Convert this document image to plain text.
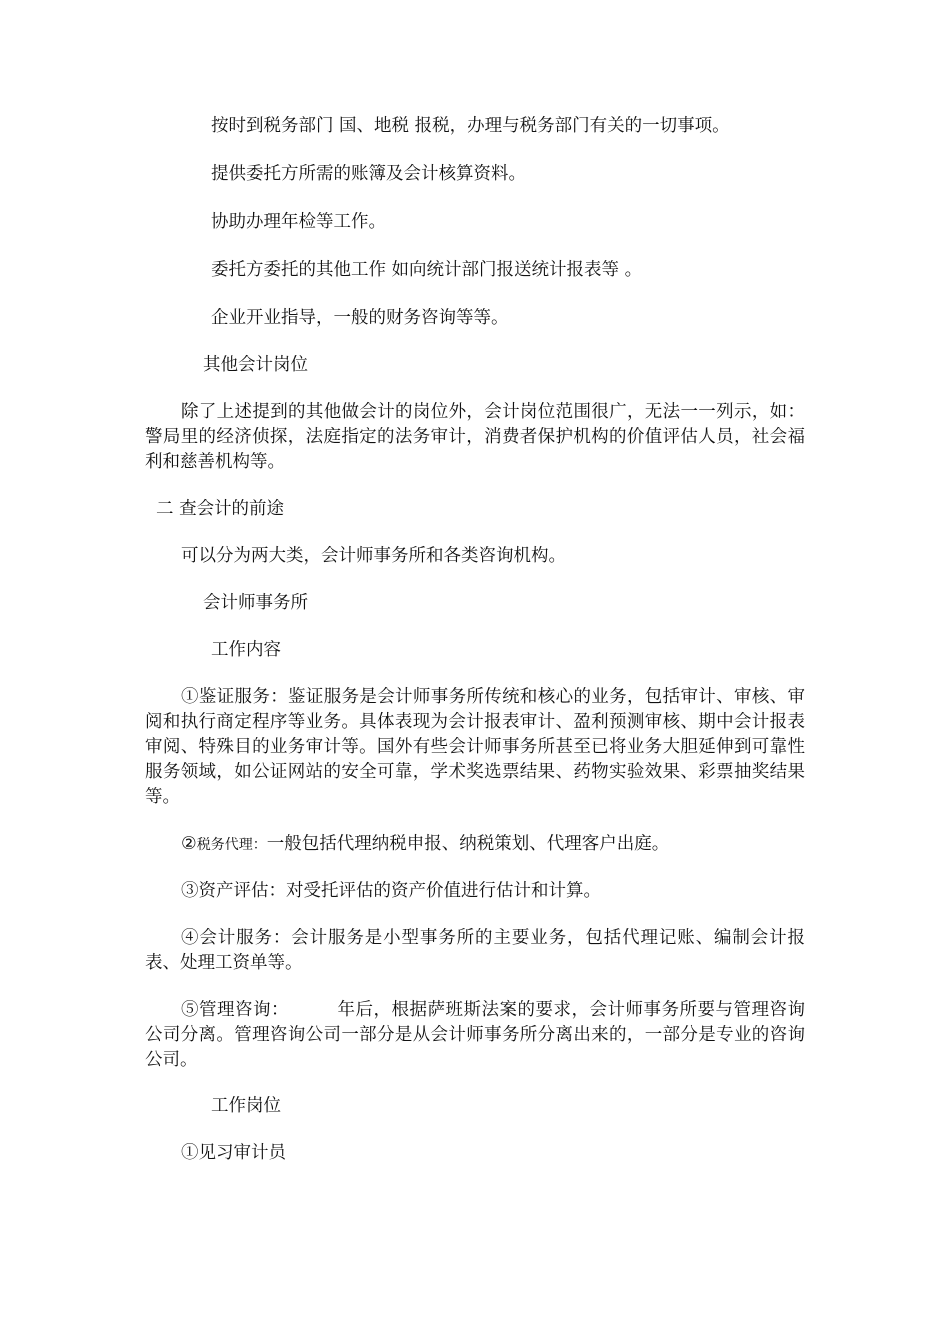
按时到税务部门 国、地税 报税，办理与税务部门有关的一切事项。

提供委托方所需的账簿及会计核算资料。

协助办理年检等工作。

委托方委托的其他工作 如向统计部门报送统计报表等 。

企业开业指导，一般的财务咨询等等。

其他会计岗位

除了上述提到的其他做会计的岗位外，会计岗位范围很广，无法一一列示，如：警局里的经济侦探，法庭指定的法务审计，消费者保护机构的价值评估人员，社会福利和慈善机构等。

二 查会计的前途

可以分为两大类，会计师事务所和各类咨询机构。

会计师事务所

工作内容

①鉴证服务：鉴证服务是会计师事务所传统和核心的业务，包括审计、审核、审阅和执行商定程序等业务。具体表现为会计报表审计、盈利预测审核、期中会计报表审阅、特殊目的业务审计等。国外有些会计师事务所甚至已将业务大胆延伸到可靠性服务领域，如公证网站的安全可靠，学术奖选票结果、药物实验效果、彩票抽奖结果等。

②税务代理：一般包括代理纳税申报、纳税策划、代理客户出庭。

③资产评估：对受托评估的资产价值进行估计和计算。

④会计服务：会计服务是小型事务所的主要业务，包括代理记账、编制会计报表、处理工资单等。

⑤管理咨询：	年后，根据萨班斯法案的要求，会计师事务所要与管理咨询公司分离。管理咨询公司一部分是从会计师事务所分离出来的，一部分是专业的咨询公司。

工作岗位

①见习审计员
